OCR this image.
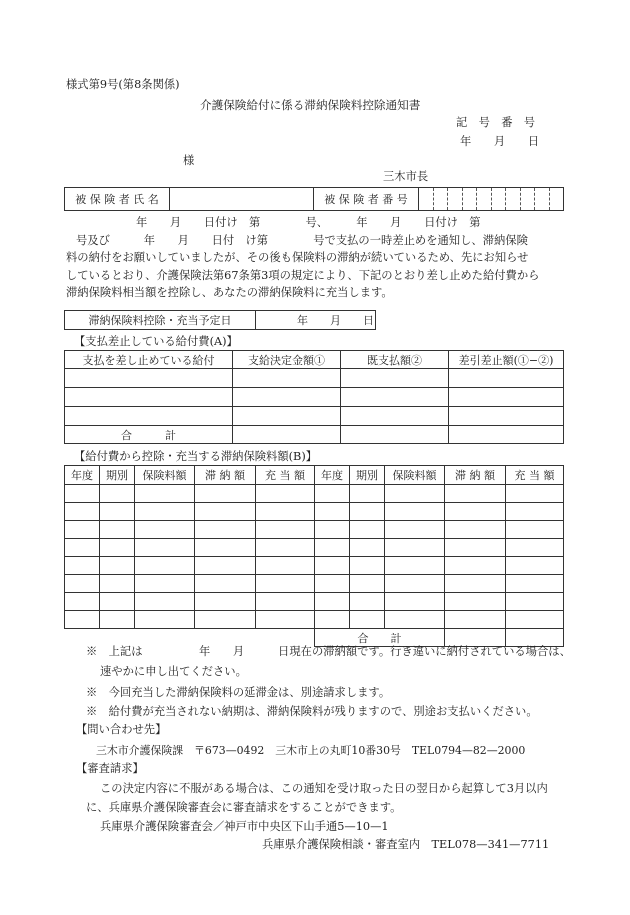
様式第9号(第8条関係)
介護保険給付に係る滞納保険料控除通知書
記　号　番　号
年　　月　　日
様
三木市長
被 保 険 者 氏 名		被 保 険 者 番 号	
年　　月　　日付け　第　　　　号、　　　年　　月　　日付け　第
号及び　　　年　　月　　日付　け第　　　　号で支払の一時差止めを通知し、滞納保険
料の納付をお願いしていましたが、その後も保険料の滞納が続いているため、先にお知らせ
しているとおり、介護保険法第67条第3項の規定により、下記のとおり差し止めた給付費から
滞納保険料相当額を控除し、あなたの滞納保険料に充当します。
滞納保険料控除・充当予定日	年　　月　　日
【支払差止している給付費(A)】
支払を差し止めている給付	支給決定金額①	既支払額②	差引差止額(①−②)

合　　　計			
【給付費から控除・充当する滞納保険料額(B)】
年度	期別	保険料額	滞 納 額	充 当 額	年度	期別	保険料額	滞 納 額	充 当 額

					合　　計				
※　上記は　　　　　年　　月　　　日現在の滞納額です。行き違いに納付されている場合は、
速やかに申し出てください。
※　今回充当した滞納保険料の延滞金は、別途請求します。
※　給付費が充当されない納期は、滞納保険料が残りますので、別途お支払いください。
【問い合わせ先】
三木市介護保険課　〒673—0492　三木市上の丸町10番30号　TEL0794—82—2000
【審査請求】
この決定内容に不服がある場合は、この通知を受け取った日の翌日から起算して3月以内
に、兵庫県介護保険審査会に審査請求をすることができます。
兵庫県介護保険審査会／神戸市中央区下山手通5—10—1
兵庫県介護保険相談・審査室内　TEL078—341—7711
